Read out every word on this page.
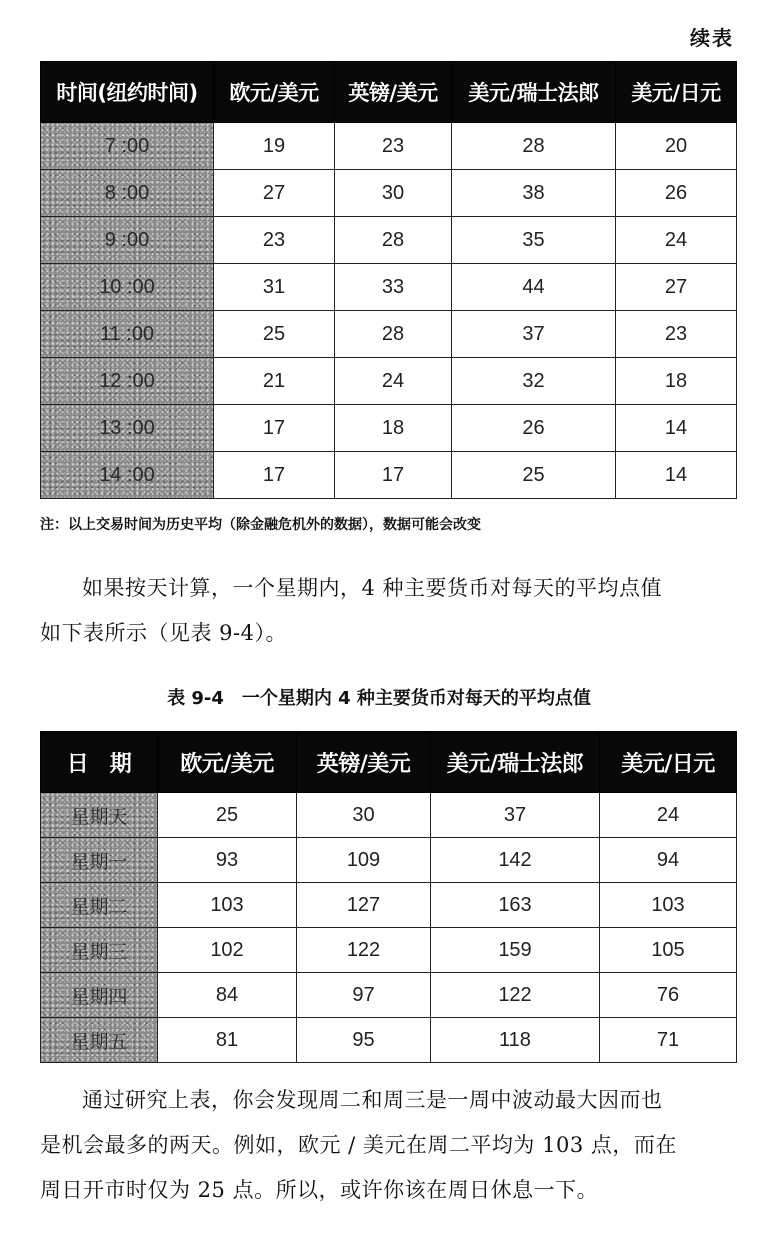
续表
时间(纽约时间)	欧元/美元	英镑/美元	美元/瑞士法郎	美元/日元
7 :00	19	23	28	20
8 :00	27	30	38	26
9 :00	23	28	35	24
10 :00	31	33	44	27
11 :00	25	28	37	23
12 :00	21	24	32	18
13 :00	17	18	26	14
14 :00	17	17	25	14
注：以上交易时间为历史平均（除金融危机外的数据），数据可能会改变
如果按天计算，一个星期内，4 种主要货币对每天的平均点值
如下表所示（见表 9-4）。
表 9-4　一个星期内 4 种主要货币对每天的平均点值
日　期	欧元/美元	英镑/美元	美元/瑞士法郎	美元/日元
星期天	25	30	37	24
星期一	93	109	142	94
星期二	103	127	163	103
星期三	102	122	159	105
星期四	84	97	122	76
星期五	81	95	118	71
通过研究上表，你会发现周二和周三是一周中波动最大因而也
是机会最多的两天。例如，欧元 / 美元在周二平均为 103 点，而在
周日开市时仅为 25 点。所以，或许你该在周日休息一下。
